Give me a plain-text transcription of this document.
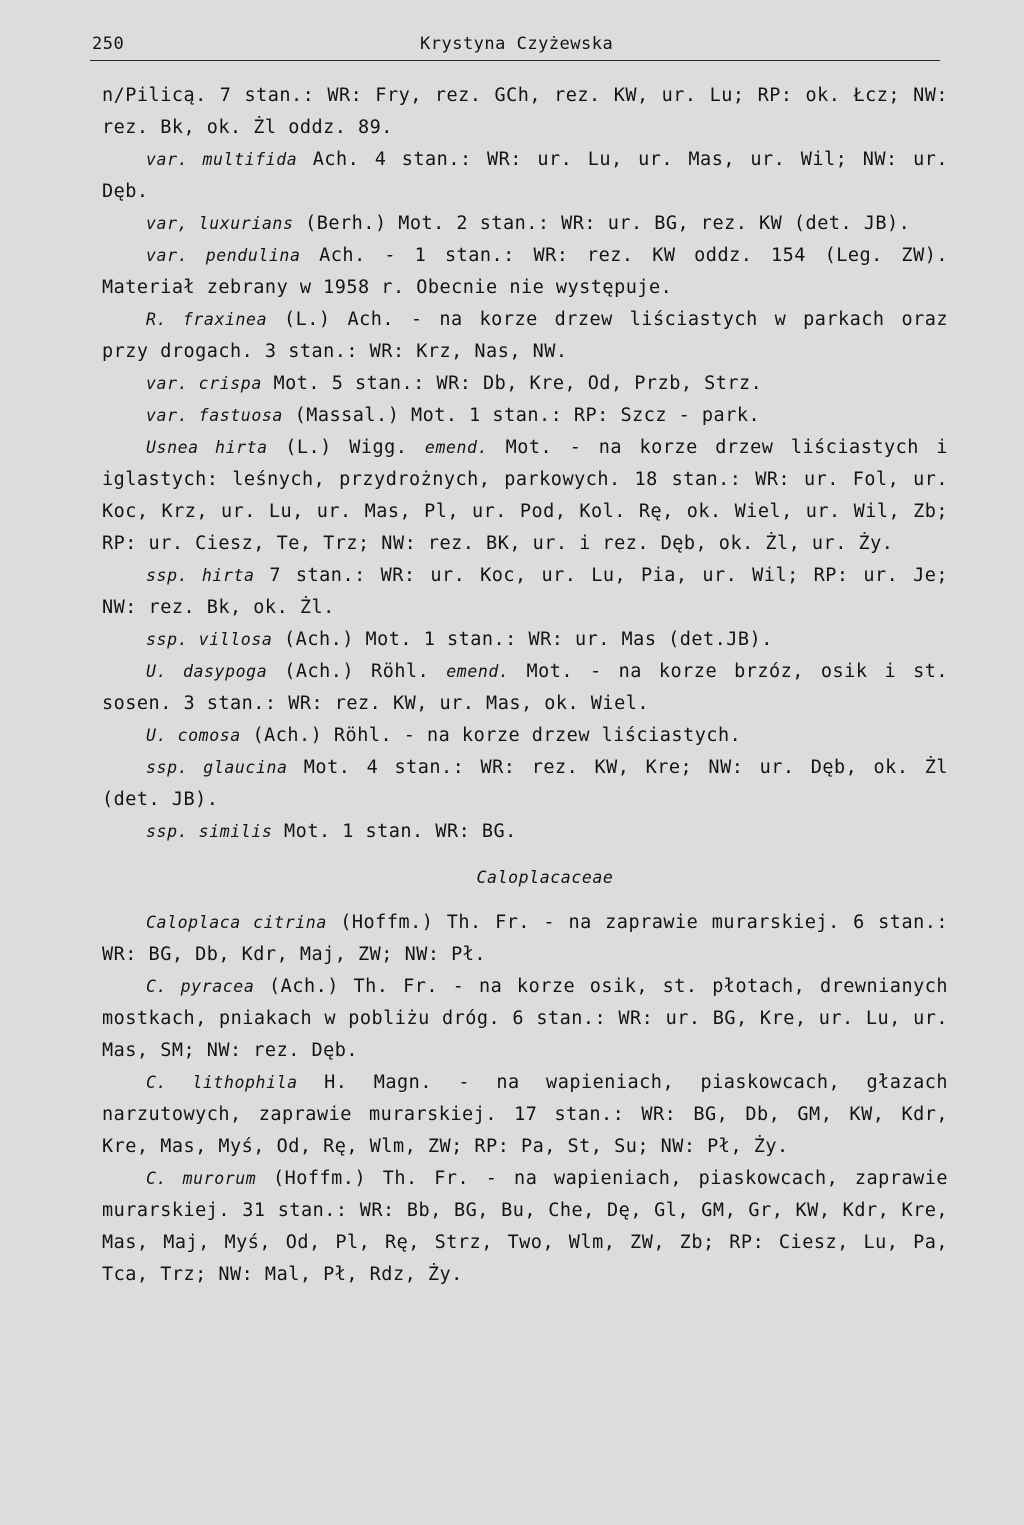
250	Krystyna Czyżewska

n/Pilicą. 7 stan.: WR: Fry, rez. GCh, rez. KW, ur. Lu; RP: ok. Łcz; NW: rez. Bk, ok. Żl oddz. 89.

var. multifida Ach. 4 stan.: WR: ur. Lu, ur. Mas, ur. Wil; NW: ur. Dęb.

var, luxurians (Berh.) Mot. 2 stan.: WR: ur. BG, rez. KW (det. JB).

var. pendulina Ach. - 1 stan.: WR: rez. KW oddz. 154 (Leg. ZW). Materiał zebrany w 1958 r. Obecnie nie występuje.

R. fraxinea (L.) Ach. - na korze drzew liściastych w parkach oraz przy drogach. 3 stan.: WR: Krz, Nas, NW.

var. crispa Mot. 5 stan.: WR: Db, Kre, Od, Przb, Strz.

var. fastuosa (Massal.) Mot. 1 stan.: RP: Szcz - park.

Usnea hirta (L.) Wigg. emend. Mot. - na korze drzew liściastych i iglastych: leśnych, przydrożnych, parkowych. 18 stan.: WR: ur. Fol, ur. Koc, Krz, ur. Lu, ur. Mas, Pl, ur. Pod, Kol. Rę, ok. Wiel, ur. Wil, Zb; RP: ur. Ciesz, Te, Trz; NW: rez. BK, ur. i rez. Dęb, ok. Żl, ur. Ży.

ssp. hirta 7 stan.: WR: ur. Koc, ur. Lu, Pia, ur. Wil; RP: ur. Je; NW: rez. Bk, ok. Żl.

ssp. villosa (Ach.) Mot. 1 stan.: WR: ur. Mas (det.JB).

U. dasypoga (Ach.) Röhl. emend. Mot. - na korze brzóz, osik i st. sosen. 3 stan.: WR: rez. KW, ur. Mas, ok. Wiel.

U. comosa (Ach.) Röhl. - na korze drzew liściastych.

ssp. glaucina Mot. 4 stan.: WR: rez. KW, Kre; NW: ur. Dęb, ok. Żl (det. JB).

ssp. similis Mot. 1 stan. WR: BG.

Caloplacaceae

Caloplaca citrina (Hoffm.) Th. Fr. - na zaprawie murarskiej. 6 stan.: WR: BG, Db, Kdr, Maj, ZW; NW: Pł.

C. pyracea (Ach.) Th. Fr. - na korze osik, st. płotach, drewnianych mostkach, pniakach w pobliżu dróg. 6 stan.: WR: ur. BG, Kre, ur. Lu, ur. Mas, SM; NW: rez. Dęb.

C. lithophila H. Magn. - na wapieniach, piaskowcach, głazach narzutowych, zaprawie murarskiej. 17 stan.: WR: BG, Db, GM, KW, Kdr, Kre, Mas, Myś, Od, Rę, Wlm, ZW; RP: Pa, St, Su; NW: Pł, Ży.

C. murorum (Hoffm.) Th. Fr. - na wapieniach, piaskowcach, zaprawie murarskiej. 31 stan.: WR: Bb, BG, Bu, Che, Dę, Gl, GM, Gr, KW, Kdr, Kre, Mas, Maj, Myś, Od, Pl, Rę, Strz, Two, Wlm, ZW, Zb; RP: Ciesz, Lu, Pa, Tca, Trz; NW: Mal, Pł, Rdz, Ży.
